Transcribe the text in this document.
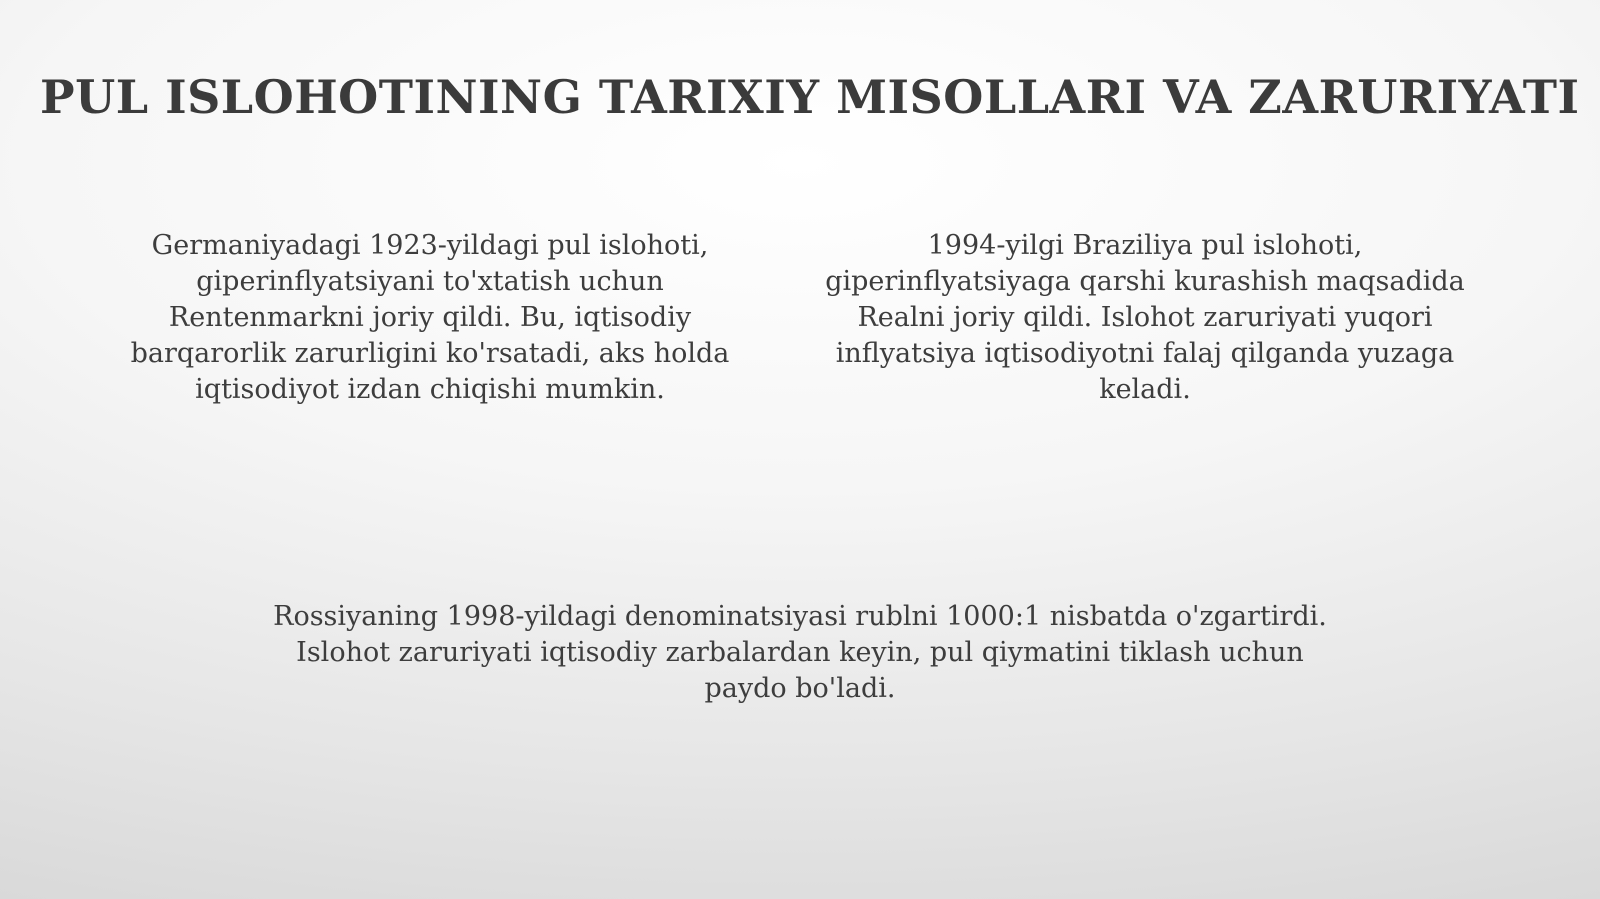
PUL ISLOHOTINING TARIXIY MISOLLARI VA ZARURIYATI
Germaniyadagi 1923-yildagi pul islohoti, giperinflyatsiyani to'xtatish uchun Rentenmarkni joriy qildi. Bu, iqtisodiy barqarorlik zarurligini ko'rsatadi, aks holda iqtisodiyot izdan chiqishi mumkin.
1994-yilgi Braziliya pul islohoti, giperinflyatsiyaga qarshi kurashish maqsadida Realni joriy qildi. Islohot zaruriyati yuqori inflyatsiya iqtisodiyotni falaj qilganda yuzaga keladi.
Rossiyaning 1998-yildagi denominatsiyasi rublni 1000:1 nisbatda o'zgartirdi. Islohot zaruriyati iqtisodiy zarbalardan keyin, pul qiymatini tiklash uchun paydo bo'ladi.
